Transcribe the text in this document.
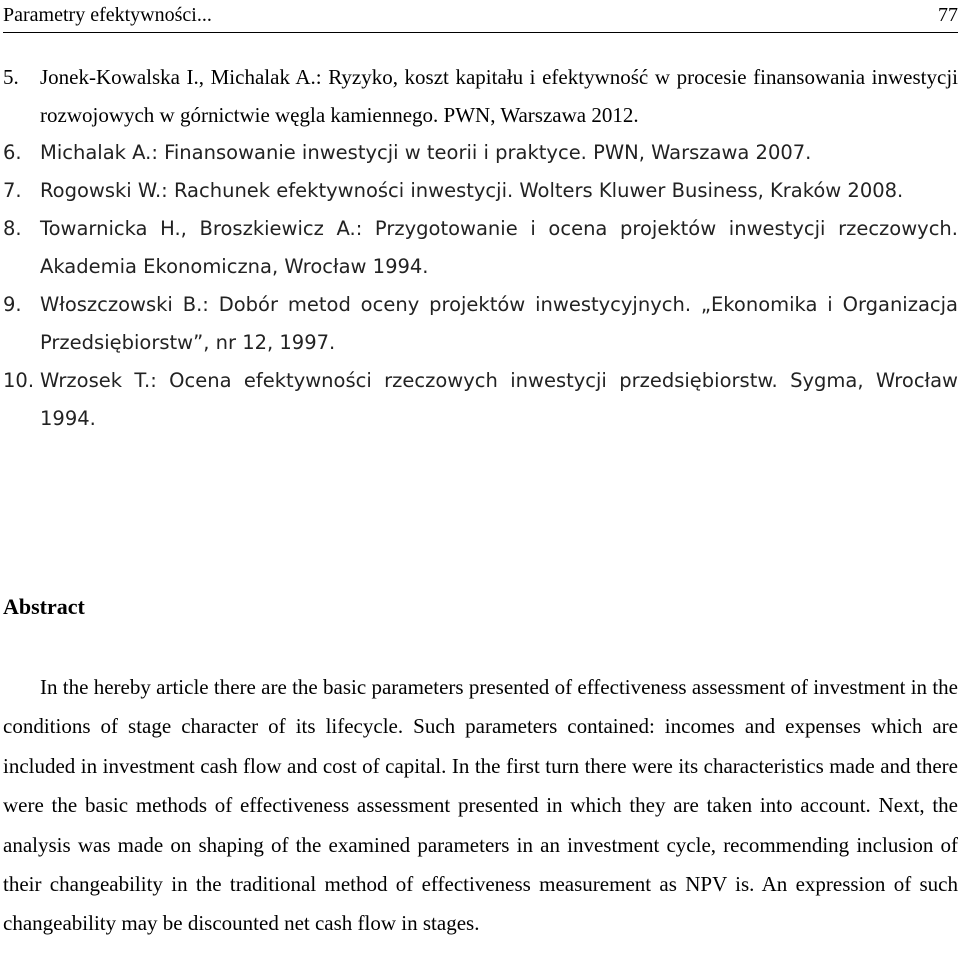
Parametry efektywności...	77
5. Jonek-Kowalska I., Michalak A.: Ryzyko, koszt kapitału i efektywność w procesie finansowania inwestycji rozwojowych w górnictwie węgla kamiennego. PWN, Warszawa 2012.
6. Michalak A.: Finansowanie inwestycji w teorii i praktyce. PWN, Warszawa 2007.
7. Rogowski W.: Rachunek efektywności inwestycji. Wolters Kluwer Business, Kraków 2008.
8. Towarnicka H., Broszkiewicz A.: Przygotowanie i ocena projektów inwestycji rzeczowych. Akademia Ekonomiczna, Wrocław 1994.
9. Włoszczowski B.: Dobór metod oceny projektów inwestycyjnych. „Ekonomika i Organizacja Przedsiębiorstw”, nr 12, 1997.
10. Wrzosek T.: Ocena efektywności rzeczowych inwestycji przedsiębiorstw. Sygma, Wrocław 1994.
Abstract

In the hereby article there are the basic parameters presented of effectiveness assessment of investment in the conditions of stage character of its lifecycle. Such parameters contained: incomes and expenses which are included in investment cash flow and cost of capital. In the first turn there were its characteristics made and there were the basic methods of effectiveness assessment presented in which they are taken into account. Next, the analysis was made on shaping of the examined parameters in an investment cycle, recommending inclusion of their changeability in the traditional method of effectiveness measurement as NPV is. An expression of such changeability may be discounted net cash flow in stages.
